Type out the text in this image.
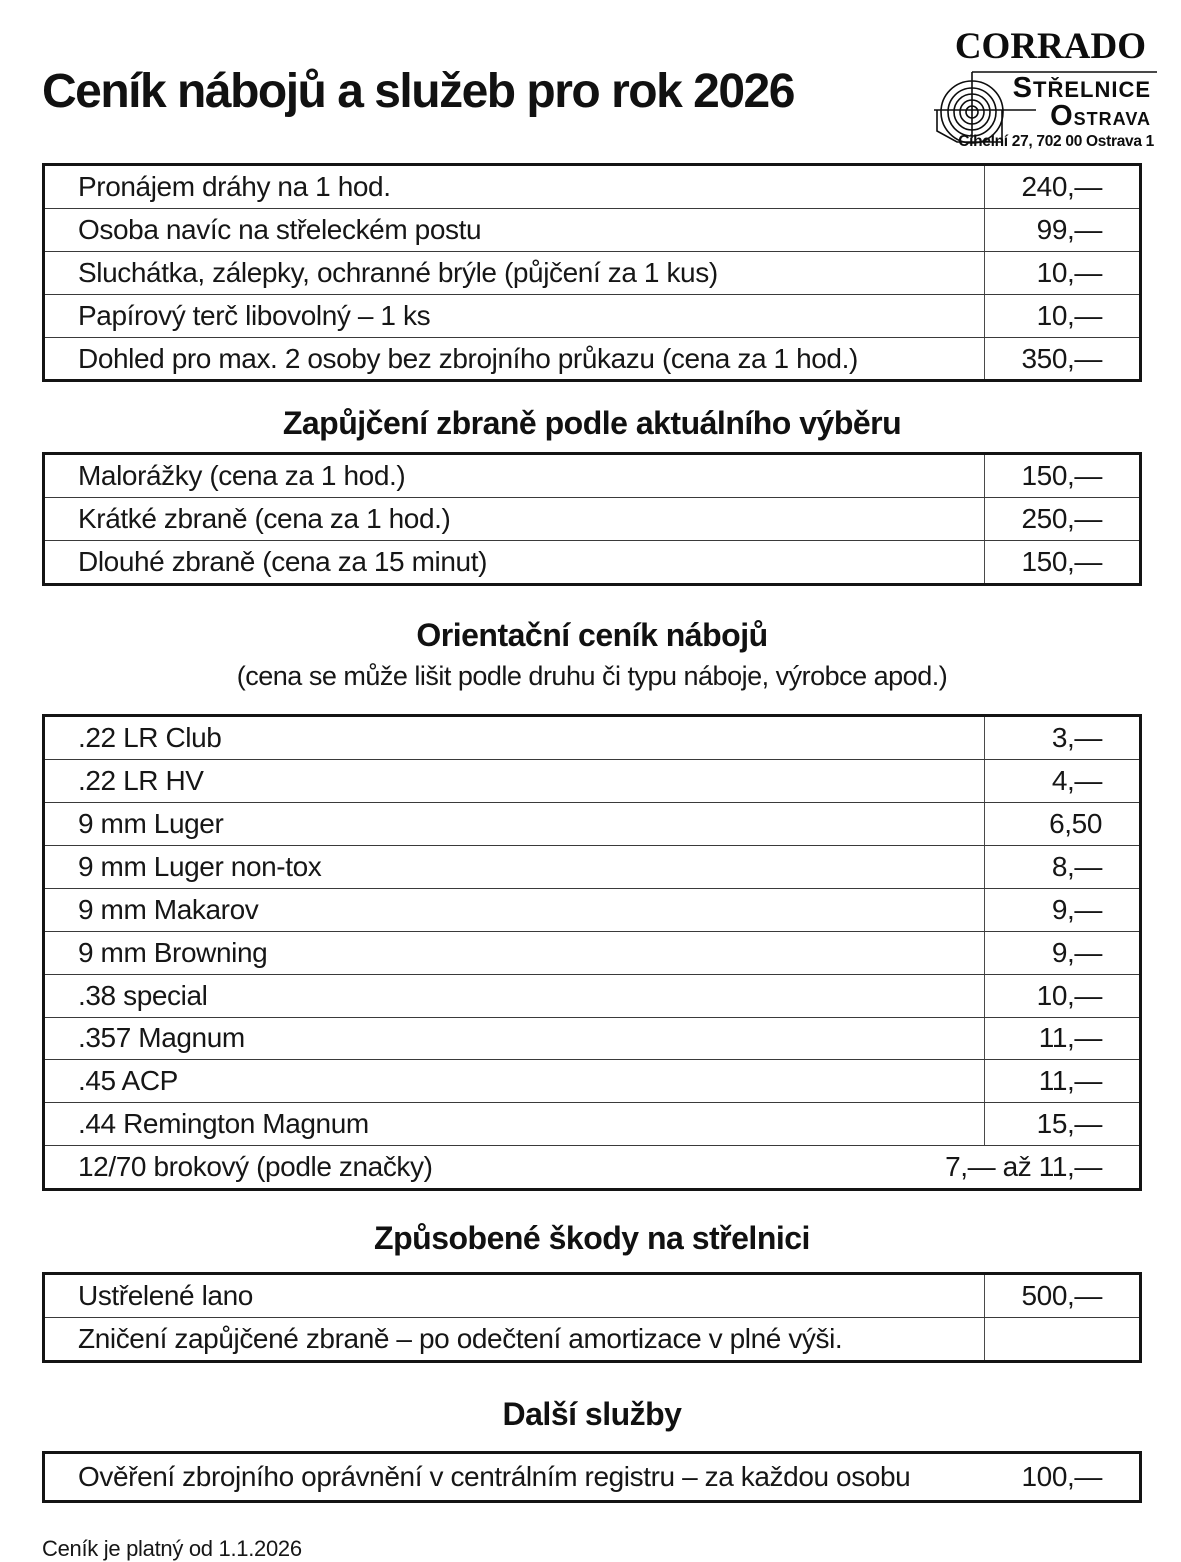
Ceník nábojů a služeb pro rok 2026
CORRADO
STŘELNICE
OSTRAVA
Cihelní 27, 702 00 Ostrava 1
Pronájem dráhy na 1 hod.	240,—
Osoba navíc na střeleckém postu	99,—
Sluchátka, zálepky, ochranné brýle (půjčení za 1 kus)	10,—
Papírový terč libovolný – 1 ks	10,—
Dohled pro max. 2 osoby bez zbrojního průkazu (cena za 1 hod.)	350,—
Zapůjčení zbraně podle aktuálního výběru
Malorážky (cena za 1 hod.)	150,—
Krátké zbraně (cena za 1 hod.)	250,—
Dlouhé zbraně (cena za 15 minut)	150,—
Orientační ceník nábojů
(cena se může lišit podle druhu či typu náboje, výrobce apod.)
.22 LR Club	3,—
.22 LR HV	4,—
9 mm Luger	6,50
9 mm Luger non-tox	8,—
9 mm Makarov	9,—
9 mm Browning	9,—
.38 special	10,—
.357 Magnum	11,—
.45 ACP	11,—
.44 Remington Magnum	15,—
12/70 brokový (podle značky)	7,— až 11,—
Způsobené škody na střelnici
Ustřelené lano	500,—
Zničení zapůjčené zbraně – po odečtení amortizace v plné výši.
Další služby
Ověření zbrojního oprávnění v centrálním registru – za každou osobu	100,—
Ceník je platný od 1.1.2026
